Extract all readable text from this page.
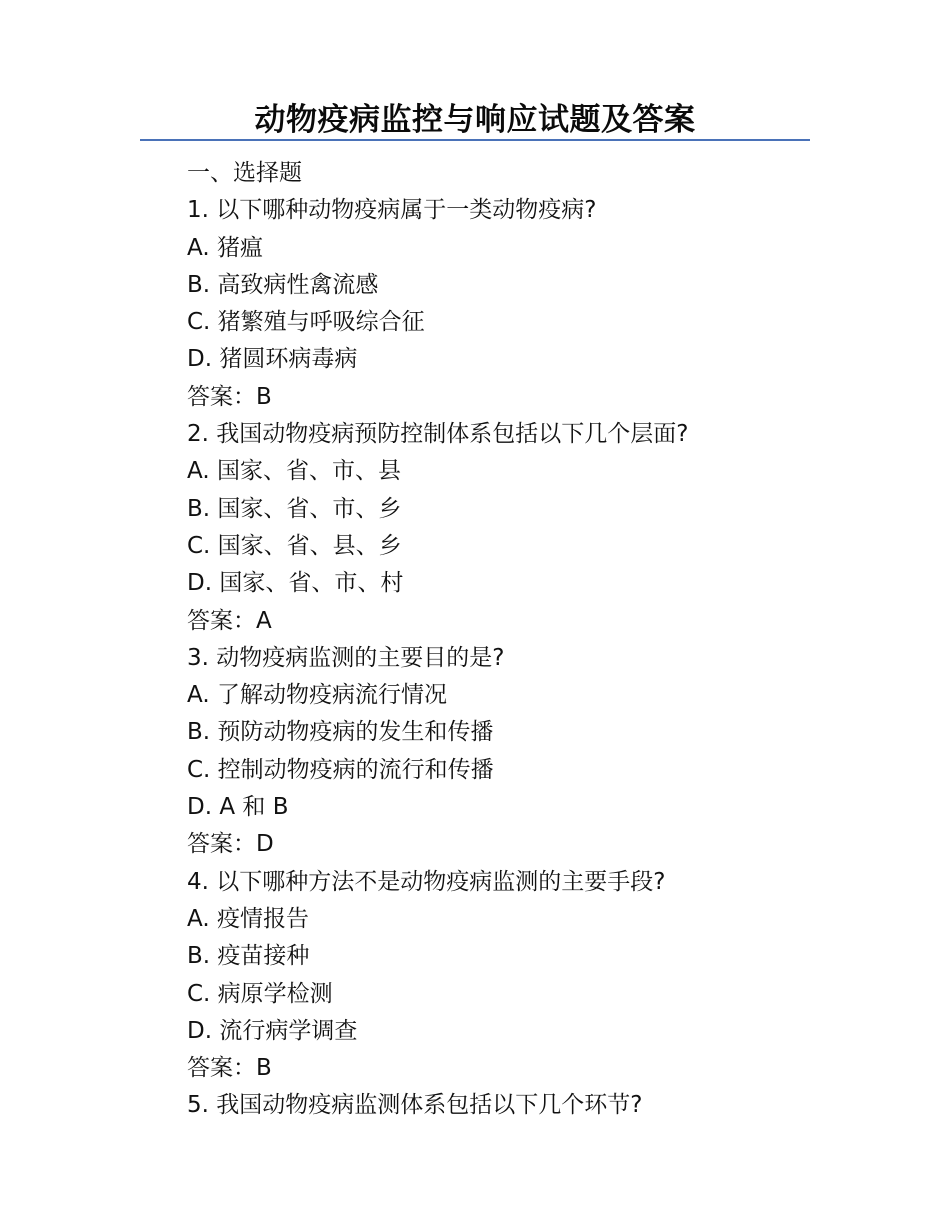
动物疫病监控与响应试题及答案
一、选择题
1. 以下哪种动物疫病属于一类动物疫病?
A. 猪瘟
B. 高致病性禽流感
C. 猪繁殖与呼吸综合征
D. 猪圆环病毒病
答案：B
2. 我国动物疫病预防控制体系包括以下几个层面?
A. 国家、省、市、县
B. 国家、省、市、乡
C. 国家、省、县、乡
D. 国家、省、市、村
答案：A
3. 动物疫病监测的主要目的是?
A. 了解动物疫病流行情况
B. 预防动物疫病的发生和传播
C. 控制动物疫病的流行和传播
D. A 和 B
答案：D
4. 以下哪种方法不是动物疫病监测的主要手段?
A. 疫情报告
B. 疫苗接种
C. 病原学检测
D. 流行病学调查
答案：B
5. 我国动物疫病监测体系包括以下几个环节?
